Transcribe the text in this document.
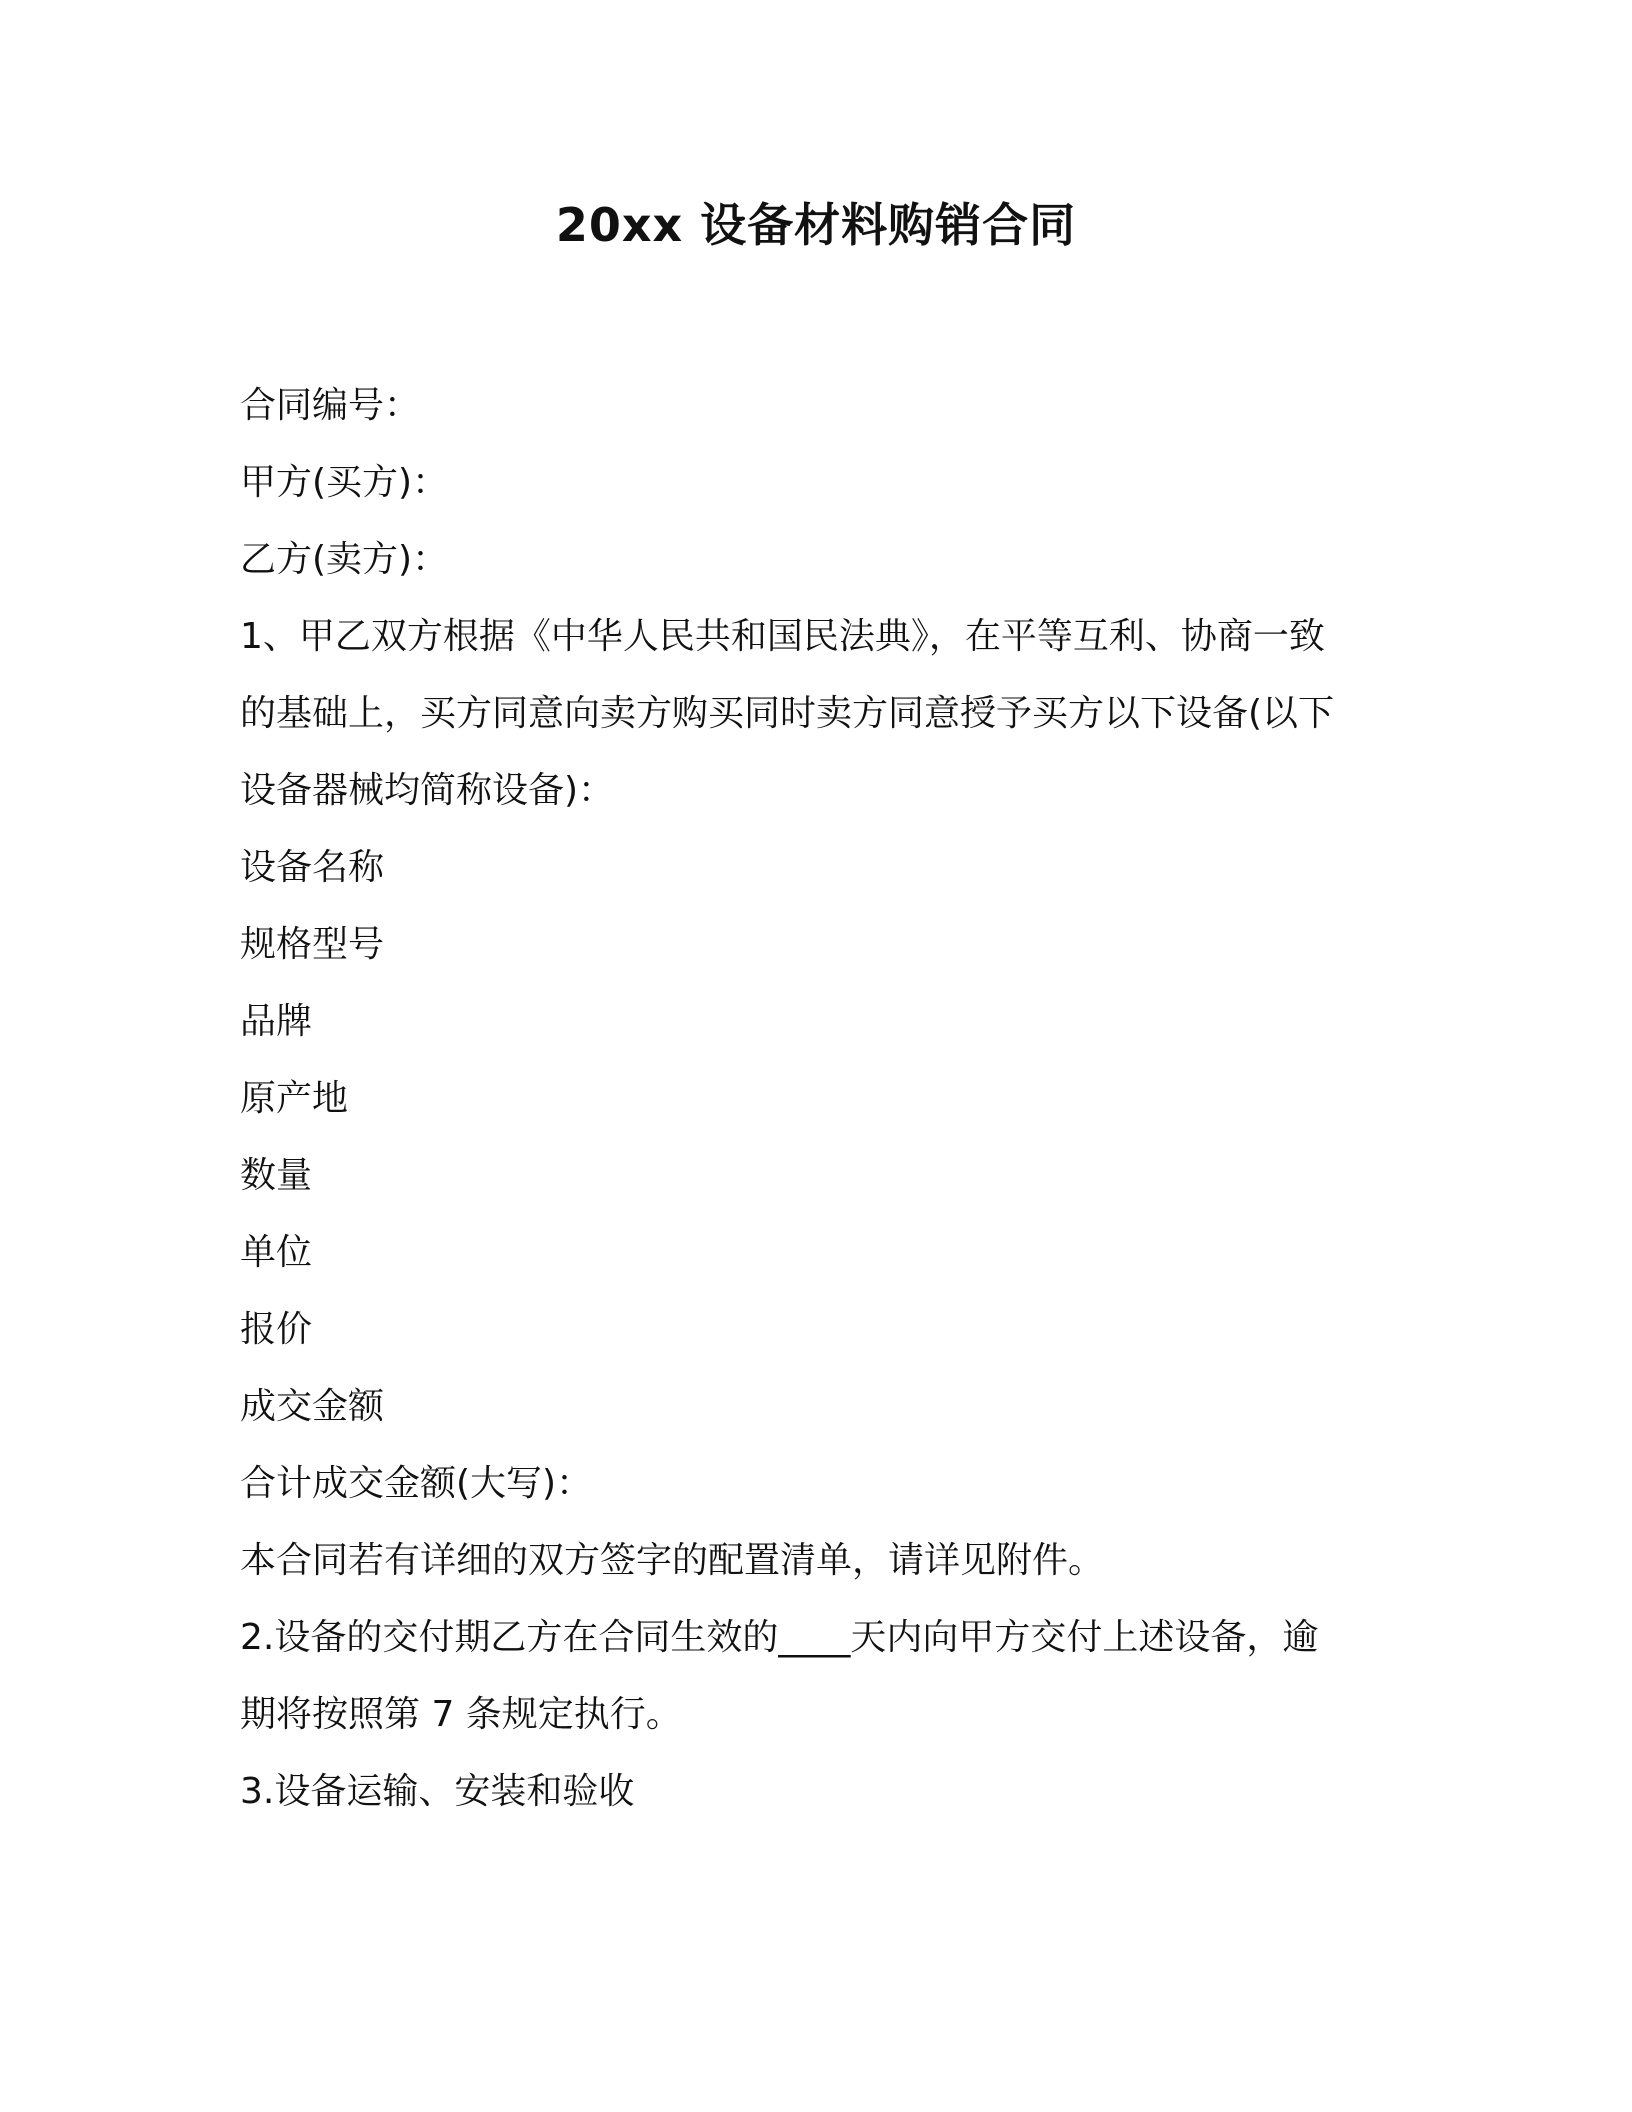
20xx 设备材料购销合同

合同编号：

甲方(买方)：

乙方(卖方)：

1、甲乙双方根据《中华人民共和国民法典》，在平等互利、协商一致

的基础上，买方同意向卖方购买同时卖方同意授予买方以下设备(以下

设备器械均简称设备)：

设备名称

规格型号

品牌

原产地

数量

单位

报价

成交金额

合计成交金额(大写)：

本合同若有详细的双方签字的配置清单，请详见附件。

2.设备的交付期乙方在合同生效的____天内向甲方交付上述设备，逾

期将按照第 7 条规定执行。

3.设备运输、安装和验收
